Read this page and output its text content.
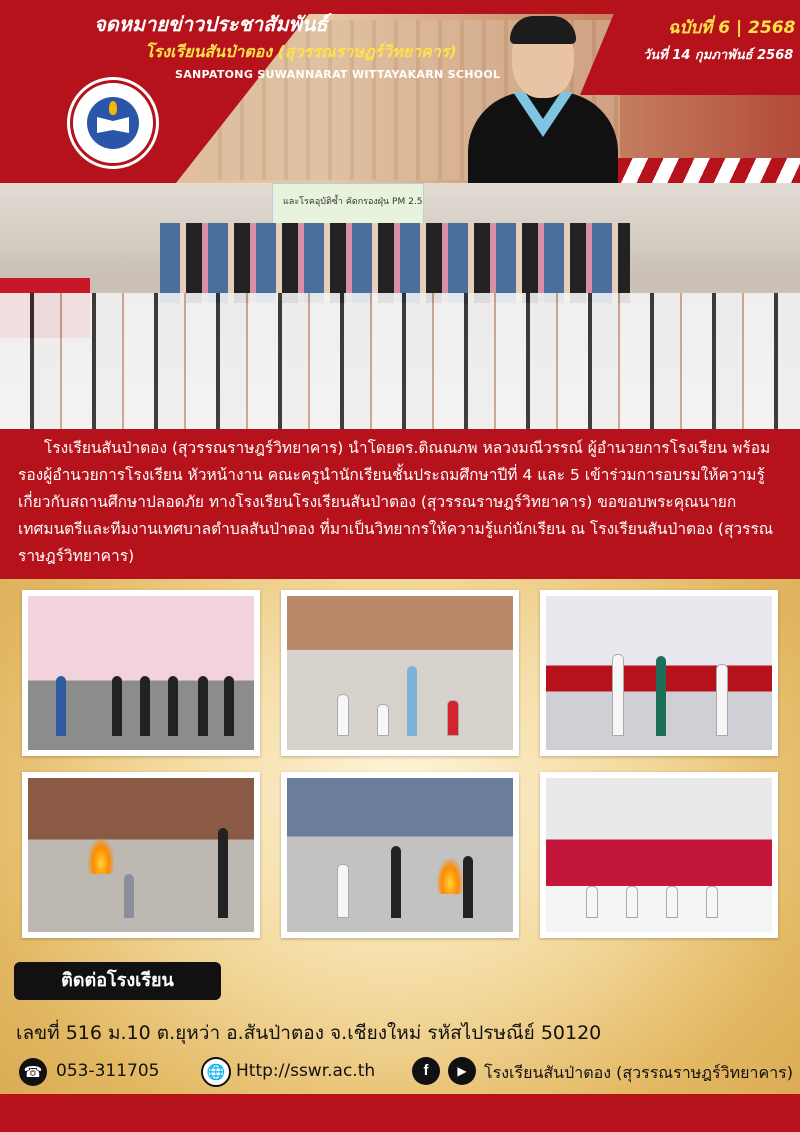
จดหมายข่าวประชาสัมพันธ์
โรงเรียนสันป่าตอง (สุวรรณราษฎร์วิทยาคาร)
SANPATONG SUWANNARAT WITTAYAKARN SCHOOL
ฉบับที่ 6 | 2568
วันที่ 14 กุมภาพันธ์ 2568
และโรคอุบัติซ้ำ คัดกรองฝุ่น PM 2.5

โรงเรียนสันป่าตอง (สุวรรณราษฎร์วิทยาคาร) นำโดยดร.ติณณภพ หลวงมณีวรรณ์ ผู้อำนวยการโรงเรียน พร้อมรองผู้อำนวยการโรงเรียน หัวหน้างาน คณะครูนำนักเรียนชั้นประถมศึกษาปีที่ 4 และ 5 เข้าร่วมการอบรมให้ความรู้เกี่ยวกับสถานศึกษาปลอดภัย ทางโรงเรียนโรงเรียนสันป่าตอง (สุวรรณราษฎร์วิทยาคาร) ขอขอบพระคุณนายกเทศมนตรีและทีมงานเทศบาลตำบลสันป่าตอง ที่มาเป็นวิทยากรให้ความรู้แก่นักเรียน ณ โรงเรียนสันป่าตอง (สุวรรณราษฎร์วิทยาคาร)

ติดต่อโรงเรียน
เลขที่ 516 ม.10 ต.ยุหว่า อ.สันป่าตอง จ.เชียงใหม่ รหัสไปรษณีย์ 50120
☎ 053-311705	🌐 Http://sswr.ac.th	f	▶	โรงเรียนสันป่าตอง (สุวรรณราษฎร์วิทยาคาร)
